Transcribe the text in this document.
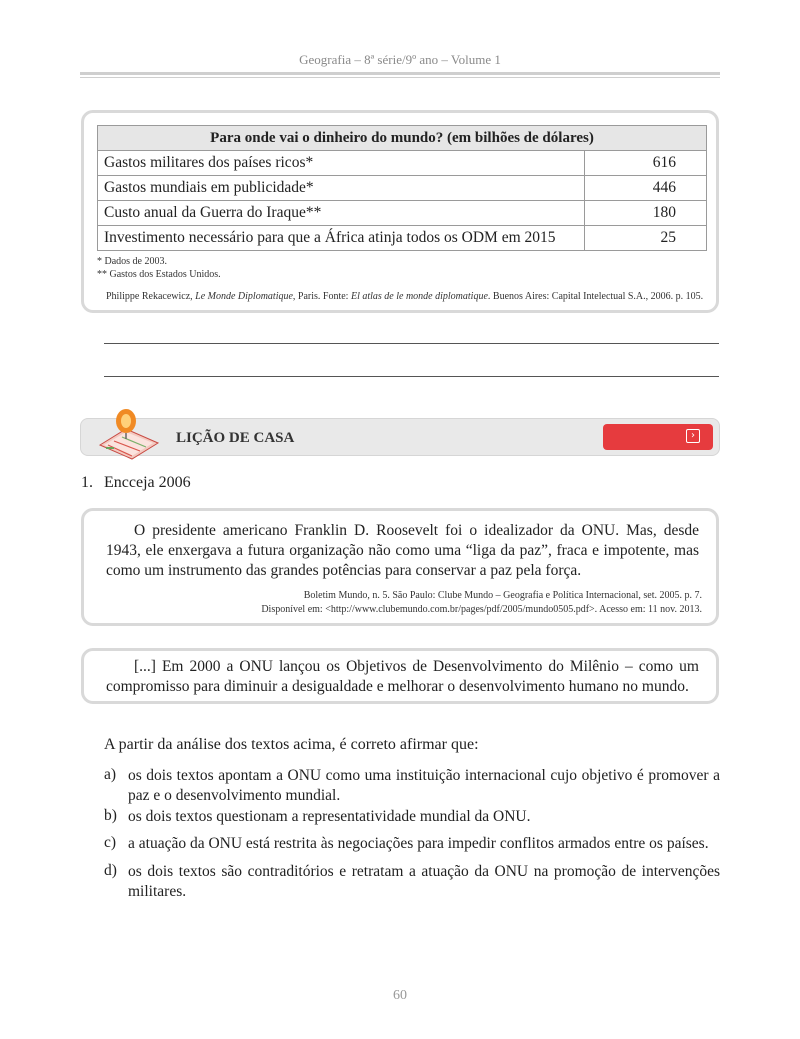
Geografia – 8ª série/9º ano – Volume 1
Para onde vai o dinheiro do mundo? (em bilhões de dólares)	
Gastos militares dos países ricos*	616
Gastos mundiais em publicidade*	446
Custo anual da Guerra do Iraque**	180
Investimento necessário para que a África atinja todos os ODM em 2015	25
* Dados de 2003.
** Gastos dos Estados Unidos.
Philippe Rekacewicz, Le Monde Diplomatique, Paris. Fonte: El atlas de le monde diplomatique. Buenos Aires: Capital Intelectual S.A., 2006. p. 105.
LIÇÃO DE CASA	›
1. Encceja 2006
O presidente americano Franklin D. Roosevelt foi o idealizador da ONU. Mas, desde 1943, ele enxergava a futura organização não como uma “liga da paz”, fraca e impotente, mas como um instrumento das grandes potências para conservar a paz pela força.
Boletim Mundo, n. 5. São Paulo: Clube Mundo – Geografia e Política Internacional, set. 2005. p. 7.
Disponível em: <http://www.clubemundo.com.br/pages/pdf/2005/mundo0505.pdf>. Acesso em: 11 nov. 2013.
[...] Em 2000 a ONU lançou os Objetivos de Desenvolvimento do Milênio – como um compromisso para diminuir a desigualdade e melhorar o desenvolvimento humano no mundo.
A partir da análise dos textos acima, é correto afirmar que:
a) os dois textos apontam a ONU como uma instituição internacional cujo objetivo é promover a paz e o desenvolvimento mundial.
b) os dois textos questionam a representatividade mundial da ONU.
c) a atuação da ONU está restrita às negociações para impedir conflitos armados entre os países.
d) os dois textos são contraditórios e retratam a atuação da ONU na promoção de intervenções militares.
60
